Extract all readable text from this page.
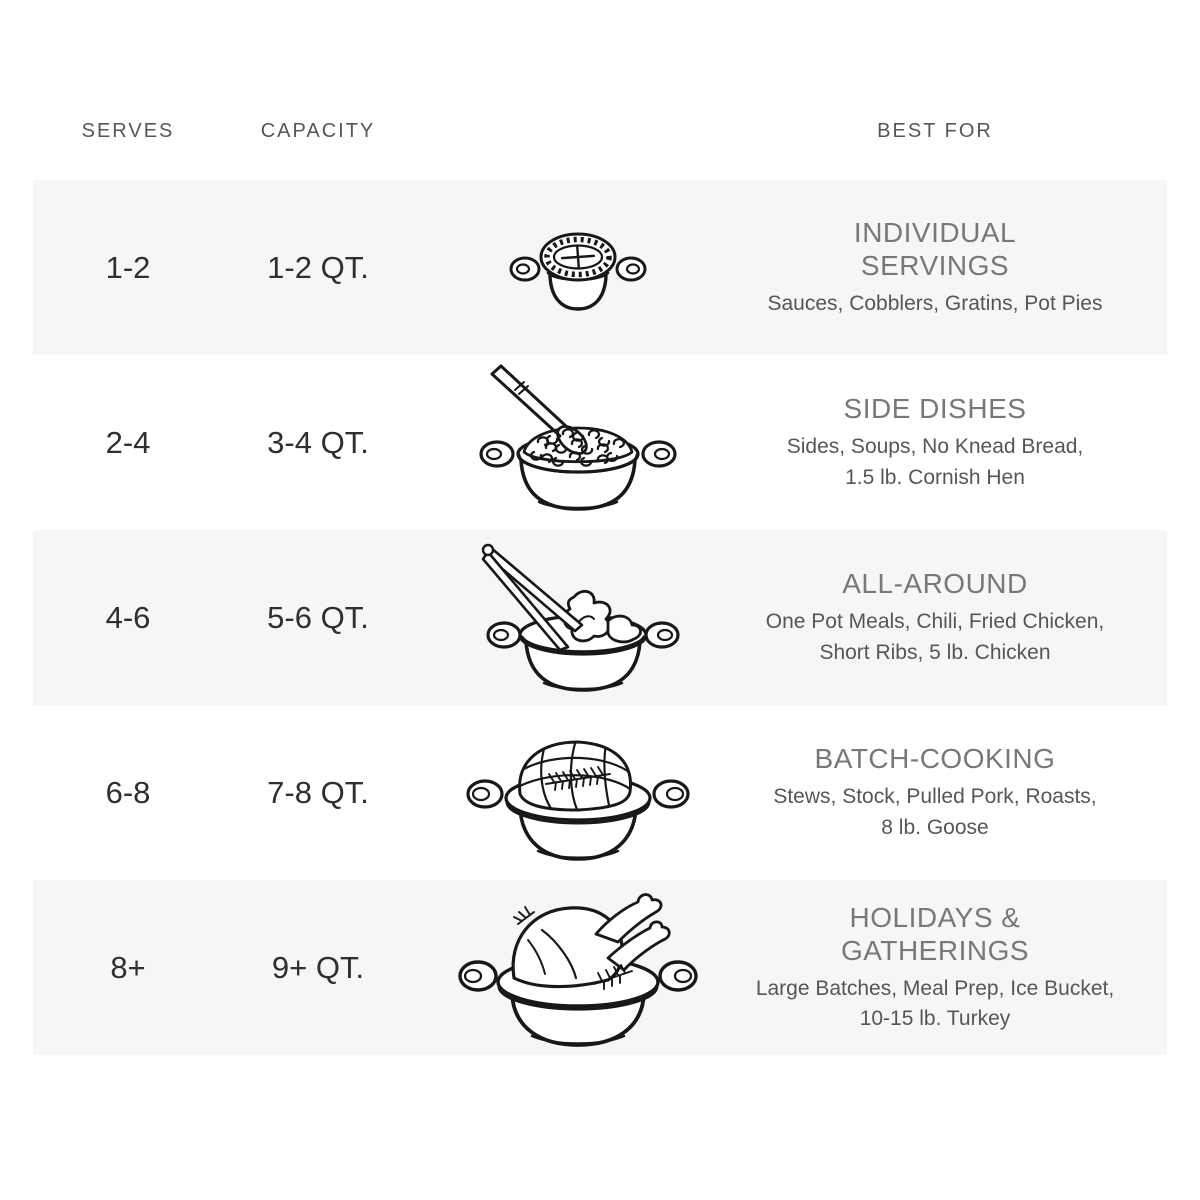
SERVES	CAPACITY	BEST FOR
1-2	1-2 QT.
INDIVIDUAL
SERVINGS
Sauces, Cobblers, Gratins, Pot Pies
2-4	3-4 QT.
SIDE DISHES
Sides, Soups, No Knead Bread,
1.5 lb. Cornish Hen
4-6	5-6 QT.
ALL-AROUND
One Pot Meals, Chili, Fried Chicken,
Short Ribs, 5 lb. Chicken
6-8	7-8 QT.
BATCH-COOKING
Stews, Stock, Pulled Pork, Roasts,
8 lb. Goose
8+	9+ QT.
HOLIDAYS &
GATHERINGS
Large Batches, Meal Prep, Ice Bucket,
10-15 lb. Turkey
